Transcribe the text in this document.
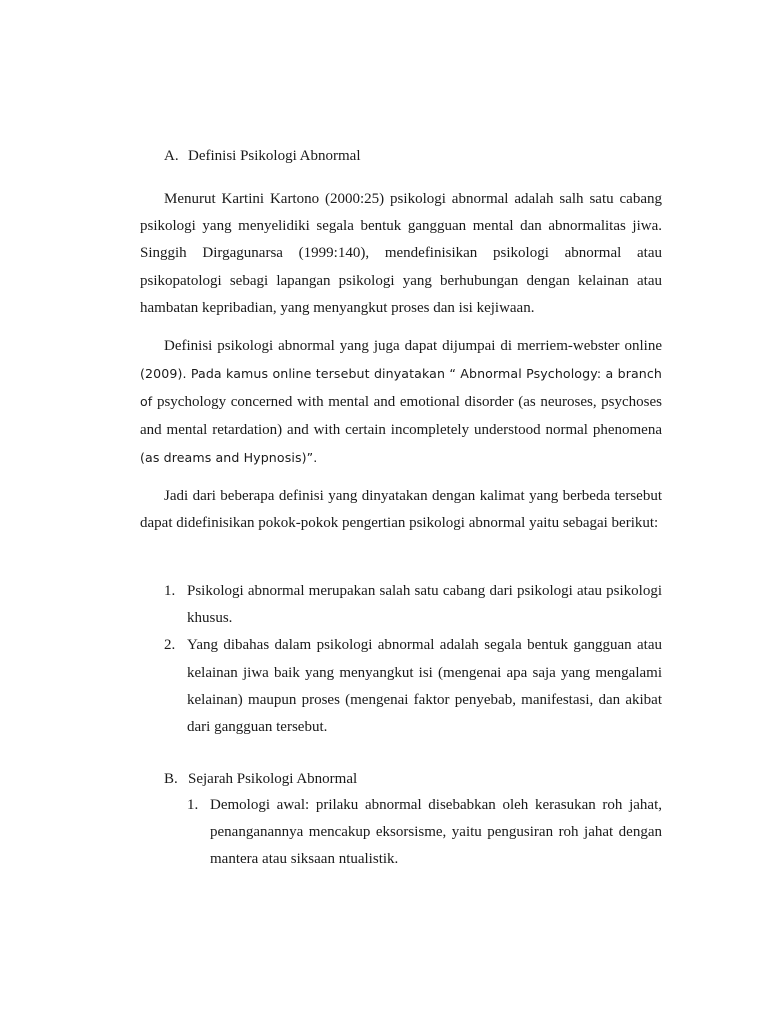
A. Definisi Psikologi Abnormal

Menurut Kartini Kartono (2000:25) psikologi abnormal adalah salh satu cabang psikologi yang menyelidiki segala bentuk gangguan mental dan abnormalitas jiwa. Singgih Dirgagunarsa (1999:140), mendefinisikan psikologi abnormal atau psikopatologi sebagi lapangan psikologi yang berhubungan dengan kelainan atau hambatan kepribadian, yang menyangkut proses dan isi kejiwaan.

Definisi psikologi abnormal yang juga dapat dijumpai di merriem-webster online (2009). Pada kamus online tersebut dinyatakan “ Abnormal Psychology: a branch of psychology concerned with mental and emotional disorder (as neuroses, psychoses and mental retardation) and with certain incompletely understood normal phenomena (as dreams and Hypnosis)”.

Jadi dari beberapa definisi yang dinyatakan dengan kalimat yang berbeda tersebut dapat didefinisikan pokok-pokok pengertian psikologi abnormal yaitu sebagai berikut:

1. Psikologi abnormal merupakan salah satu cabang dari psikologi atau psikologi khusus.
2. Yang dibahas dalam psikologi abnormal adalah segala bentuk gangguan atau kelainan jiwa baik yang menyangkut isi (mengenai apa saja yang mengalami kelainan) maupun proses (mengenai faktor penyebab, manifestasi, dan akibat dari gangguan tersebut.
B. Sejarah Psikologi Abnormal
1. Demologi awal: prilaku abnormal disebabkan oleh kerasukan roh jahat, penanganannya mencakup eksorsisme, yaitu pengusiran roh jahat dengan mantera atau siksaan ntualistik.
